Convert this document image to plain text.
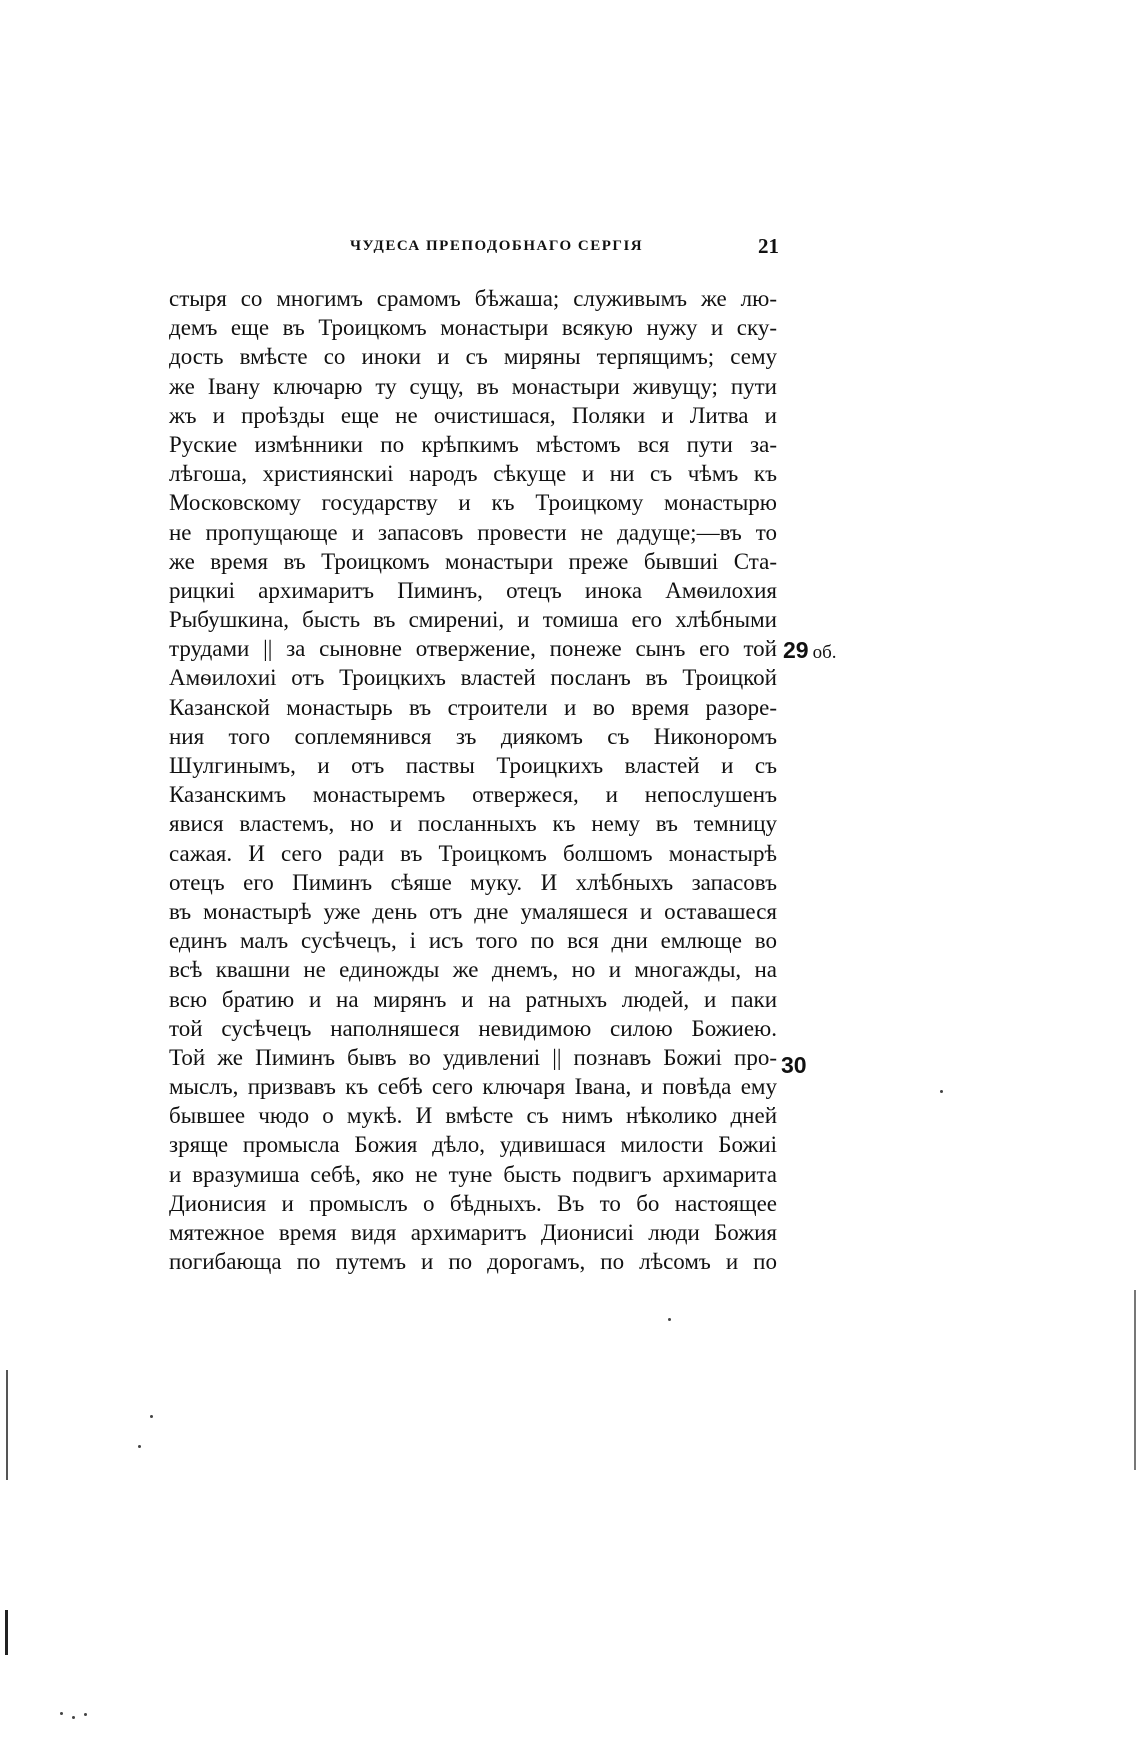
ЧУДЕСА ПРЕПОДОБНАГО СЕРГІЯ	21
стыря со многимъ срамомъ бѣжаша; служивымъ же лю-
демъ еще въ Троицкомъ монастыри всякую нужу и ску-
дость вмѣсте со иноки и съ миряны терпящимъ; сему
же Івану ключарю ту сущу, въ монастыри живущу; пути
жъ и проѣзды еще не очистишася, Поляки и Литва и
Руские измѣнники по крѣпкимъ мѣстомъ вся пути за-
лѣгоша, християнскиі народъ сѣкуще и ни съ чѣмъ къ
Московскому государству и къ Троицкому монастырю
не пропущающе и запасовъ провести не дадуще;—въ то
же время въ Троицкомъ монастыри преже бывшиі Ста-
рицкиі архимаритъ Пиминъ, отецъ инока Амѳилохия
Рыбушкина, бысть въ смирениі, и томиша его хлѣбными
трудами || за сыновне отвержение, понеже сынъ его той
Амѳилохиі отъ Троицкихъ властей посланъ въ Троицкой
Казанской монастырь въ строители и во время разоре-
ния того соплемянився зъ диякомъ съ Никоноромъ
Шулгинымъ, и отъ паствы Троицкихъ властей и съ
Казанскимъ монастыремъ отвержеся, и непослушенъ
явися властемъ, но и посланныхъ къ нему въ темницу
сажая. И сего ради въ Троицкомъ болшомъ монастырѣ
отецъ его Пиминъ сѣяше муку. И хлѣбныхъ запасовъ
въ монастырѣ уже день отъ дне умаляшеся и оставашеся
единъ малъ сусѣчецъ, і исъ того по вся дни емлюще во
всѣ квашни не единожды же днемъ, но и многажды, на
всю братию и на мирянъ и на ратныхъ людей, и паки
той сусѣчецъ наполняшеся невидимою силою Божиею.
Той же Пиминъ бывъ во удивлениі || познавъ Божиі про-
мыслъ, призвавъ къ себѣ сего ключаря Івана, и повѣда ему
бывшее чюдо о мукѣ. И вмѣсте съ нимъ нѣколико дней
зряще промысла Божия дѣло, удивишася милости Божиі
и вразумиша себѣ, яко не туне бысть подвигъ архимарита
Дионисия и промыслъ о бѣдныхъ. Въ то бо настоящее
мятежное время видя архимаритъ Дионисиі люди Божия
погибающа по путемъ и по дорогамъ, по лѣсомъ и по
29 об.
30
